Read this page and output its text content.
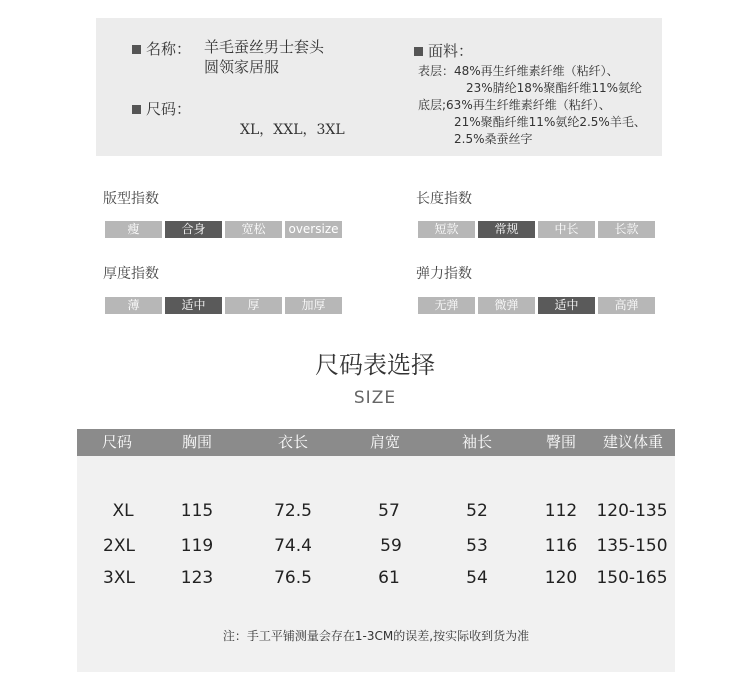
名称： 羊毛蚕丝男士套头
圆领家居服
尺码：
XL，XXL，3XL
面料：
表层：48%再生纤维素纤维（粘纤）、
23%腈纶18%聚酯纤维11%氨纶
底层;63%再生纤维素纤维（粘纤）、
21%聚酯纤维11%氨纶2.5%羊毛、
2.5%桑蚕丝字
版型指数
瘦	合身	宽松	oversize
长度指数
短款	常规	中长	长款
厚度指数
薄	适中	厚	加厚
弹力指数
无弹	微弹	适中	高弹
尺码表选择
SIZE
尺码	胸围	衣长	肩宽	袖长	臀围	建议体重
XL	115	72.5	57	52	112	120-135
2XL	119	74.4	59	53	116	135-150
3XL	123	76.5	61	54	120	150-165
注：手工平铺测量会存在1-3CM的误差,按实际收到货为准
